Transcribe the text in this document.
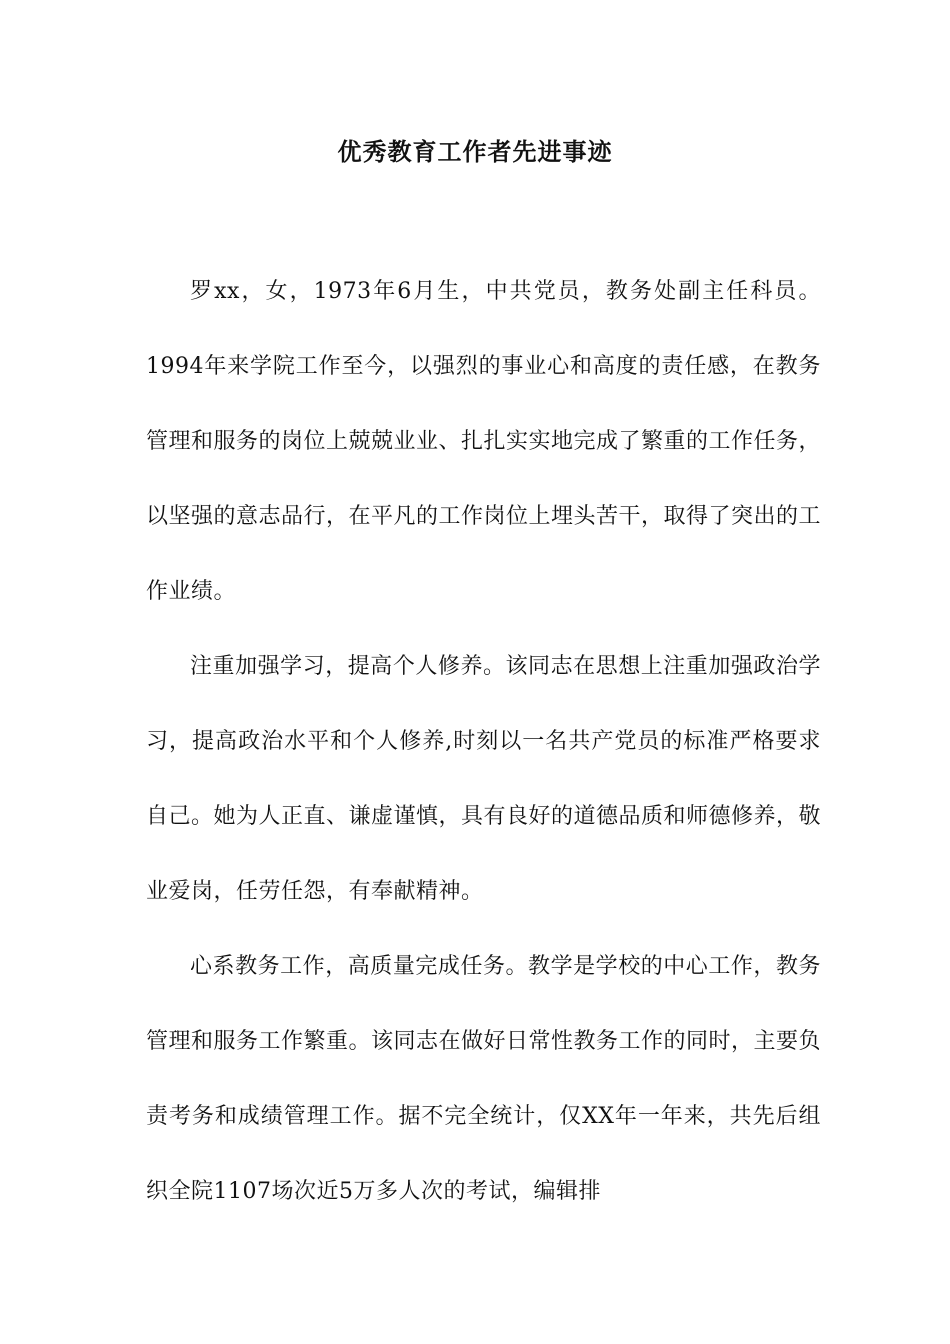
优秀教育工作者先进事迹

罗xx，女，1973年6月生，中共党员，教务处副主任科员。1994年来学院工作至今，以强烈的事业心和高度的责任感，在教务管理和服务的岗位上兢兢业业、扎扎实实地完成了繁重的工作任务，以坚强的意志品行，在平凡的工作岗位上埋头苦干，取得了突出的工作业绩。

注重加强学习，提高个人修养。该同志在思想上注重加强政治学习，提高政治水平和个人修养,时刻以一名共产党员的标准严格要求自己。她为人正直、谦虚谨慎，具有良好的道德品质和师德修养，敬业爱岗，任劳任怨，有奉献精神。

心系教务工作，高质量完成任务。教学是学校的中心工作，教务管理和服务工作繁重。该同志在做好日常性教务工作的同时，主要负责考务和成绩管理工作。据不完全统计，仅XX年一年来，共先后组织全院1107场次近5万多人次的考试，编辑排
